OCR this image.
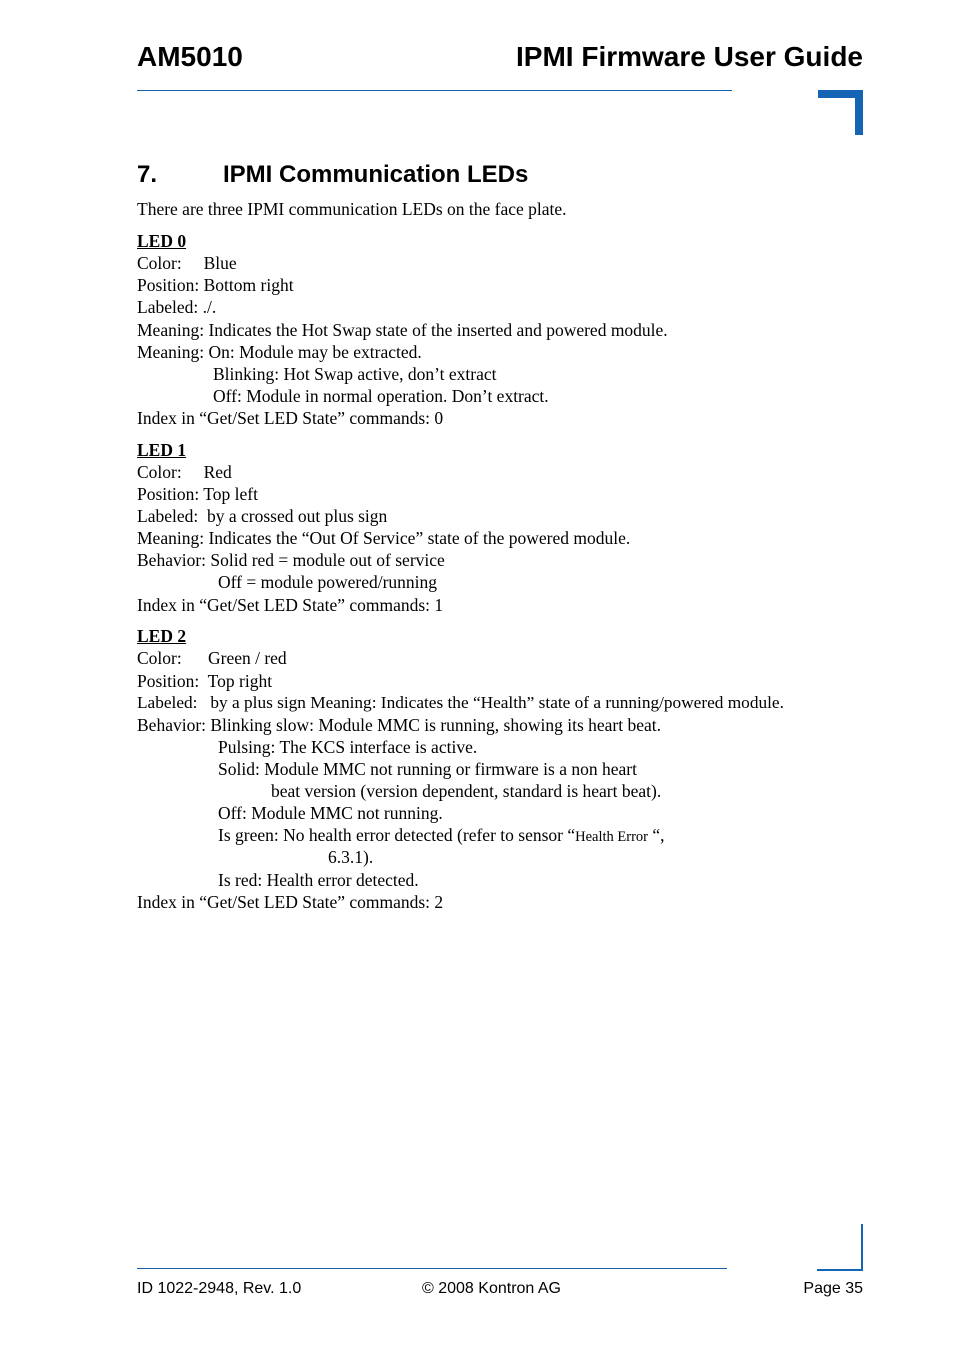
AM5010	IPMI Firmware User Guide
7.	IPMI Communication LEDs
There are three IPMI communication LEDs on the face plate.
LED 0
Color:     Blue
Position: Bottom right
Labeled: ./.
Meaning: Indicates the Hot Swap state of the inserted and powered module.
Meaning: On: Module may be extracted.
Blinking: Hot Swap active, don’t extract
Off: Module in normal operation. Don’t extract.
Index in “Get/Set LED State” commands: 0
LED 1
Color:     Red
Position: Top left
Labeled:  by a crossed out plus sign
Meaning: Indicates the “Out Of Service” state of the powered module.
Behavior: Solid red = module out of service
Off = module powered/running
Index in “Get/Set LED State” commands: 1
LED 2
Color:      Green / red
Position:  Top right
Labeled:   by a plus sign Meaning: Indicates the “Health” state of a running/powered module.
Behavior: Blinking slow: Module MMC is running, showing its heart beat.
Pulsing: The KCS interface is active.
Solid: Module MMC not running or firmware is a non heart
beat version (version dependent, standard is heart beat).
Off: Module MMC not running.
Is green: No health error detected (refer to sensor “Health Error “,
6.3.1).
Is red: Health error detected.
Index in “Get/Set LED State” commands: 2
ID 1022-2948, Rev. 1.0	© 2008 Kontron AG	Page 35
